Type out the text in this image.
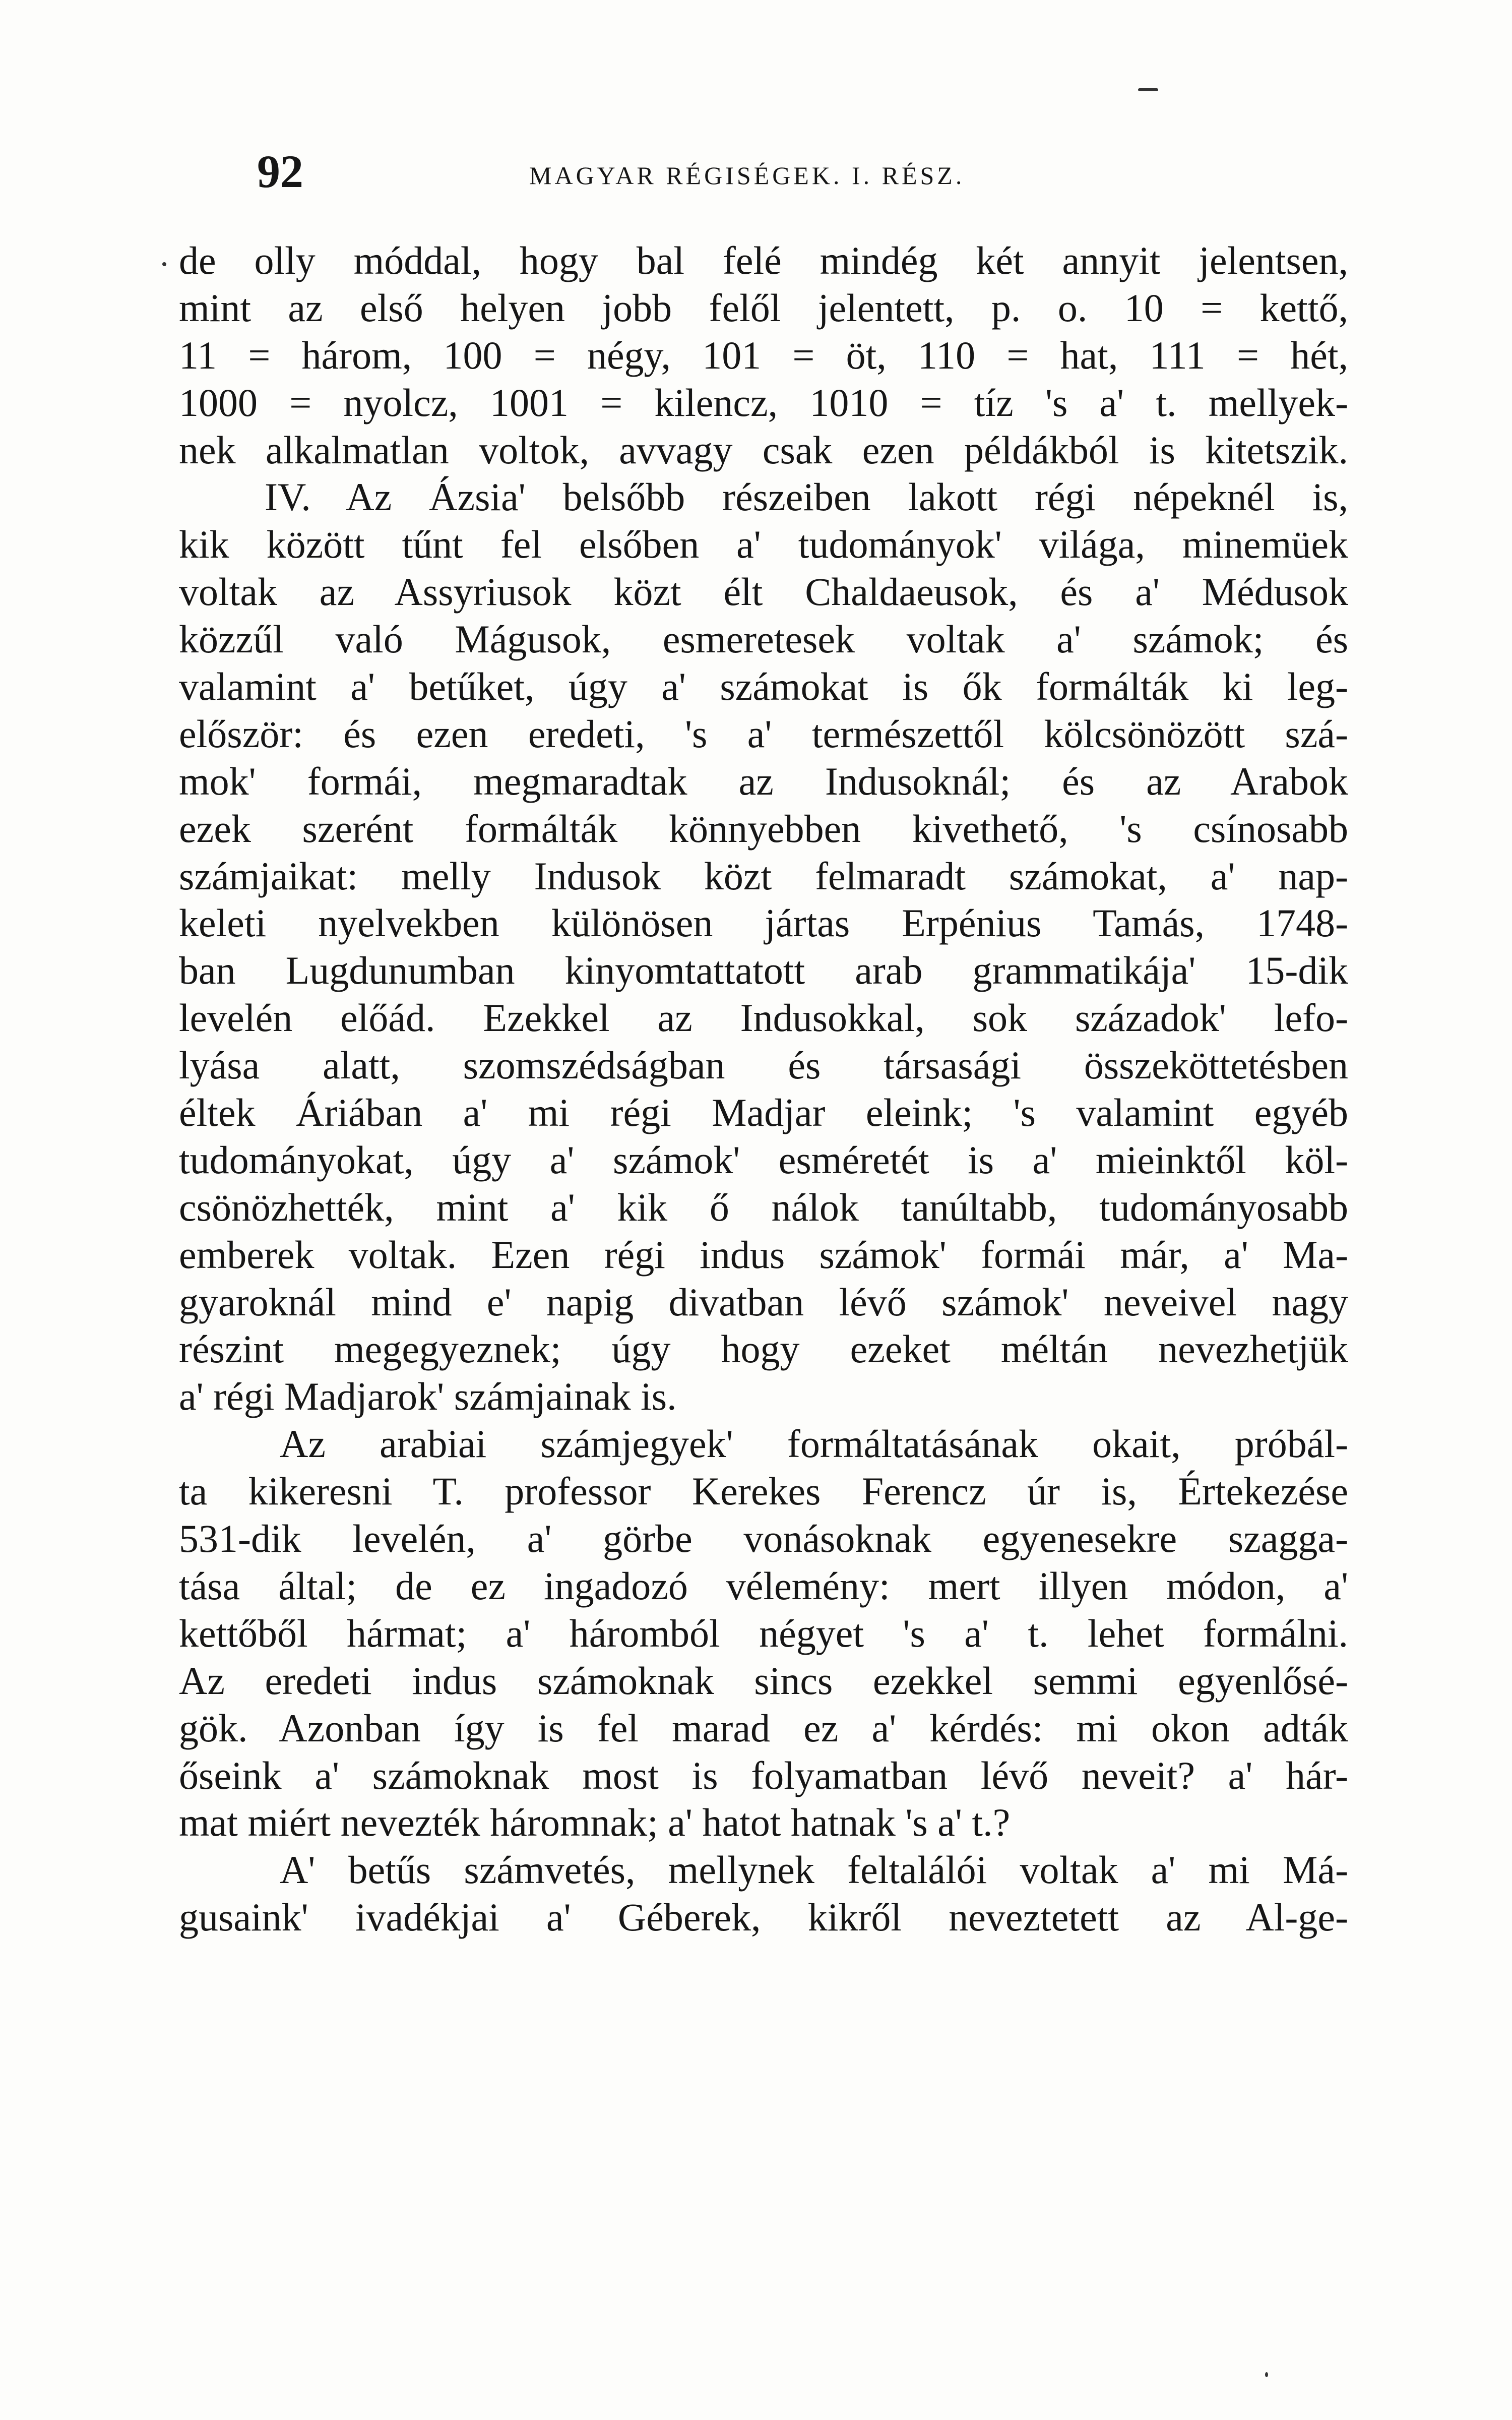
92	MAGYAR RÉGISÉGEK. I. RÉSZ.
de olly móddal, hogy bal felé mindég két annyit jelentsen,
mint az első helyen jobb felől jelentett, p. o. 10 = kettő,
11 = három, 100 = négy, 101 = öt, 110 = hat, 111 = hét,
1000 = nyolcz, 1001 = kilencz, 1010 = tíz 's a' t. mellyek-
nek alkalmatlan voltok, avvagy csak ezen példákból is kitetszik.
IV. Az Ázsia' belsőbb részeiben lakott régi népeknél is,
kik között tűnt fel elsőben a' tudományok' világa, minemüek
voltak az Assyriusok közt élt Chaldaeusok, és a' Médusok
közzűl való Mágusok, esmeretesek voltak a' számok; és
valamint a' betűket, úgy a' számokat is ők formálták ki leg-
először: és ezen eredeti, 's a' természettől kölcsönözött szá-
mok' formái, megmaradtak az Indusoknál; és az Arabok
ezek szerént formálták könnyebben kivethető, 's csínosabb
számjaikat: melly Indusok közt felmaradt számokat, a' nap-
keleti nyelvekben különösen jártas Erpénius Tamás, 1748-
ban Lugdunumban kinyomtattatott arab grammatikája' 15-dik
levelén előád. Ezekkel az Indusokkal, sok századok' lefo-
lyása alatt, szomszédságban és társasági összeköttetésben
éltek Áriában a' mi régi Madjar eleink; 's valamint egyéb
tudományokat, úgy a' számok' esméretét is a' mieinktől köl-
csönözhették, mint a' kik ő nálok tanúltabb, tudományosabb
emberek voltak. Ezen régi indus számok' formái már, a' Ma-
gyaroknál mind e' napig divatban lévő számok' neveivel nagy
részint megegyeznek; úgy hogy ezeket méltán nevezhetjük
a' régi Madjarok' számjainak is.
Az arabiai számjegyek' formáltatásának okait, próbál-
ta kikeresni T. professor Kerekes Ferencz úr is, Értekezése
531-dik levelén, a' görbe vonásoknak egyenesekre szagga-
tása által; de ez ingadozó vélemény: mert illyen módon, a'
kettőből hármat; a' háromból négyet 's a' t. lehet formálni.
Az eredeti indus számoknak sincs ezekkel semmi egyenlősé-
gök. Azonban így is fel marad ez a' kérdés: mi okon adták
őseink a' számoknak most is folyamatban lévő neveit? a' hár-
mat miért nevezték háromnak; a' hatot hatnak 's a' t.?
A' betűs számvetés, mellynek feltalálói voltak a' mi Má-
gusaink' ivadékjai a' Géberek, kikről neveztetett az Al-ge-
